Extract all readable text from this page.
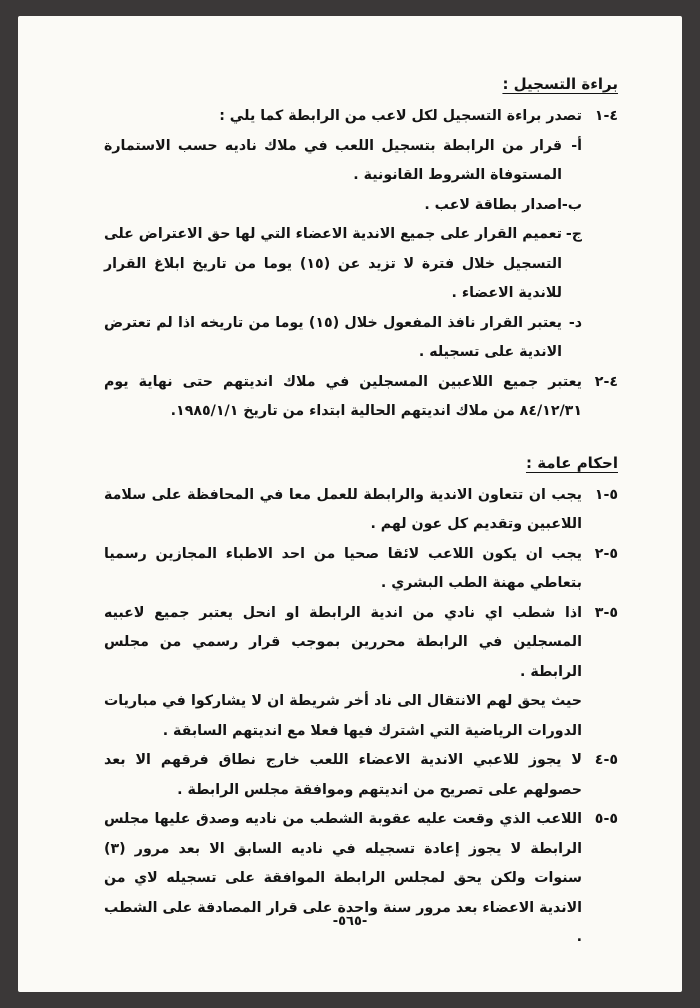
براءة التسجيل :
٤-١
تصدر براءة التسجيل لكل لاعب من الرابطة كما يلي :
أ-
قرار من الرابطة بتسجيل اللعب في ملاك ناديه حسب الاستمارة المستوفاة الشروط القانونية .
ب-
اصدار بطاقة لاعب .
ج-
تعميم القرار على جميع الاندية الاعضاء التي لها حق الاعتراض على التسجيل خلال فترة لا تزيد عن (١٥) يوما من تاريخ ابلاغ القرار للاندية الاعضاء .
د-
يعتبر القرار نافذ المفعول خلال (١٥) يوما من تاريخه اذا لم تعترض الاندية على تسجيله .
٤-٢
يعتبر جميع اللاعبين المسجلين في ملاك انديتهم حتى نهاية يوم ٨٤/١٢/٣١ من ملاك انديتهم الحالية ابتداء من تاريخ ١٩٨٥/١/١.
احكام عامة :
٥-١
يجب ان تتعاون الاندية والرابطة للعمل معا في المحافظة على سلامة اللاعبين وتقديم كل عون لهم .
٥-٢
يجب ان يكون اللاعب لائقا صحيا من احد الاطباء المجازين رسميا بتعاطي مهنة الطب البشري .
٥-٣
اذا شطب اي نادي من اندية الرابطة او انحل يعتبر جميع لاعبيه المسجلين في الرابطة محررين بموجب قرار رسمي من مجلس الرابطة .
حيث يحق لهم الانتقال الى ناد أخر شريطة ان لا يشاركوا في مباريات الدورات الرياضية التي اشترك فيها فعلا مع انديتهم السابقة .
٥-٤
لا يجوز للاعبي الاندية الاعضاء اللعب خارج نطاق فرقهم الا بعد حصولهم على تصريح من انديتهم وموافقة مجلس الرابطة .
٥-٥
اللاعب الذي وقعت عليه عقوبة الشطب من ناديه وصدق عليها مجلس الرابطة لا يجوز إعادة تسجيله في ناديه السابق الا بعد مرور (٣) سنوات ولكن يحق لمجلس الرابطة الموافقة على تسجيله لاي من الاندية الاعضاء بعد مرور سنة واحدة على قرار المصادقة على الشطب .
-٥٦٥-
